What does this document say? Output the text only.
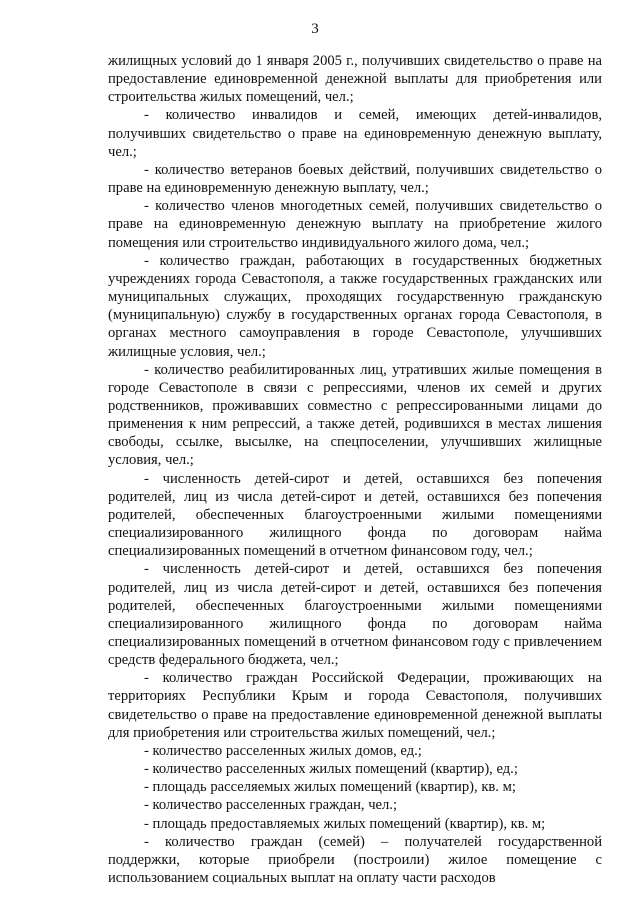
3

жилищных условий до 1 января 2005 г., получивших свидетельство о праве на предоставление единовременной денежной выплаты для приобретения или строительства жилых помещений, чел.;

- количество инвалидов и семей, имеющих детей-инвалидов, получивших свидетельство о праве на единовременную денежную выплату, чел.;

- количество ветеранов боевых действий, получивших свидетельство о праве на единовременную денежную выплату, чел.;

- количество членов многодетных семей, получивших свидетельство о праве на единовременную денежную выплату на приобретение жилого помещения или строительство индивидуального жилого дома, чел.;

- количество граждан, работающих в государственных бюджетных учреждениях города Севастополя, а также государственных гражданских или муниципальных служащих, проходящих государственную гражданскую (муниципальную) службу в государственных органах города Севастополя, в органах местного самоуправления в городе Севастополе, улучшивших жилищные условия, чел.;

- количество реабилитированных лиц, утративших жилые помещения в городе Севастополе в связи с репрессиями, членов их семей и других родственников, проживавших совместно с репрессированными лицами до применения к ним репрессий, а также детей, родившихся в местах лишения свободы, ссылке, высылке, на спецпоселении, улучшивших жилищные условия, чел.;

- численность детей-сирот и детей, оставшихся без попечения родителей, лиц из числа детей-сирот и детей, оставшихся без попечения родителей, обеспеченных благоустроенными жилыми помещениями специализированного жилищного фонда по договорам найма специализированных помещений в отчетном финансовом году, чел.;

- численность детей-сирот и детей, оставшихся без попечения родителей, лиц из числа детей-сирот и детей, оставшихся без попечения родителей, обеспеченных благоустроенными жилыми помещениями специализированного жилищного фонда по договорам найма специализированных помещений в отчетном финансовом году с привлечением средств федерального бюджета, чел.;

- количество граждан Российской Федерации, проживающих на территориях Республики Крым и города Севастополя, получивших свидетельство о праве на предоставление единовременной денежной выплаты для приобретения или строительства жилых помещений, чел.;

- количество расселенных жилых домов, ед.;

- количество расселенных жилых помещений (квартир), ед.;

- площадь расселяемых жилых помещений (квартир), кв. м;

- количество расселенных граждан, чел.;

- площадь предоставляемых жилых помещений (квартир), кв. м;

- количество граждан (семей) – получателей государственной поддержки, которые приобрели (построили) жилое помещение с использованием социальных выплат на оплату части расходов
